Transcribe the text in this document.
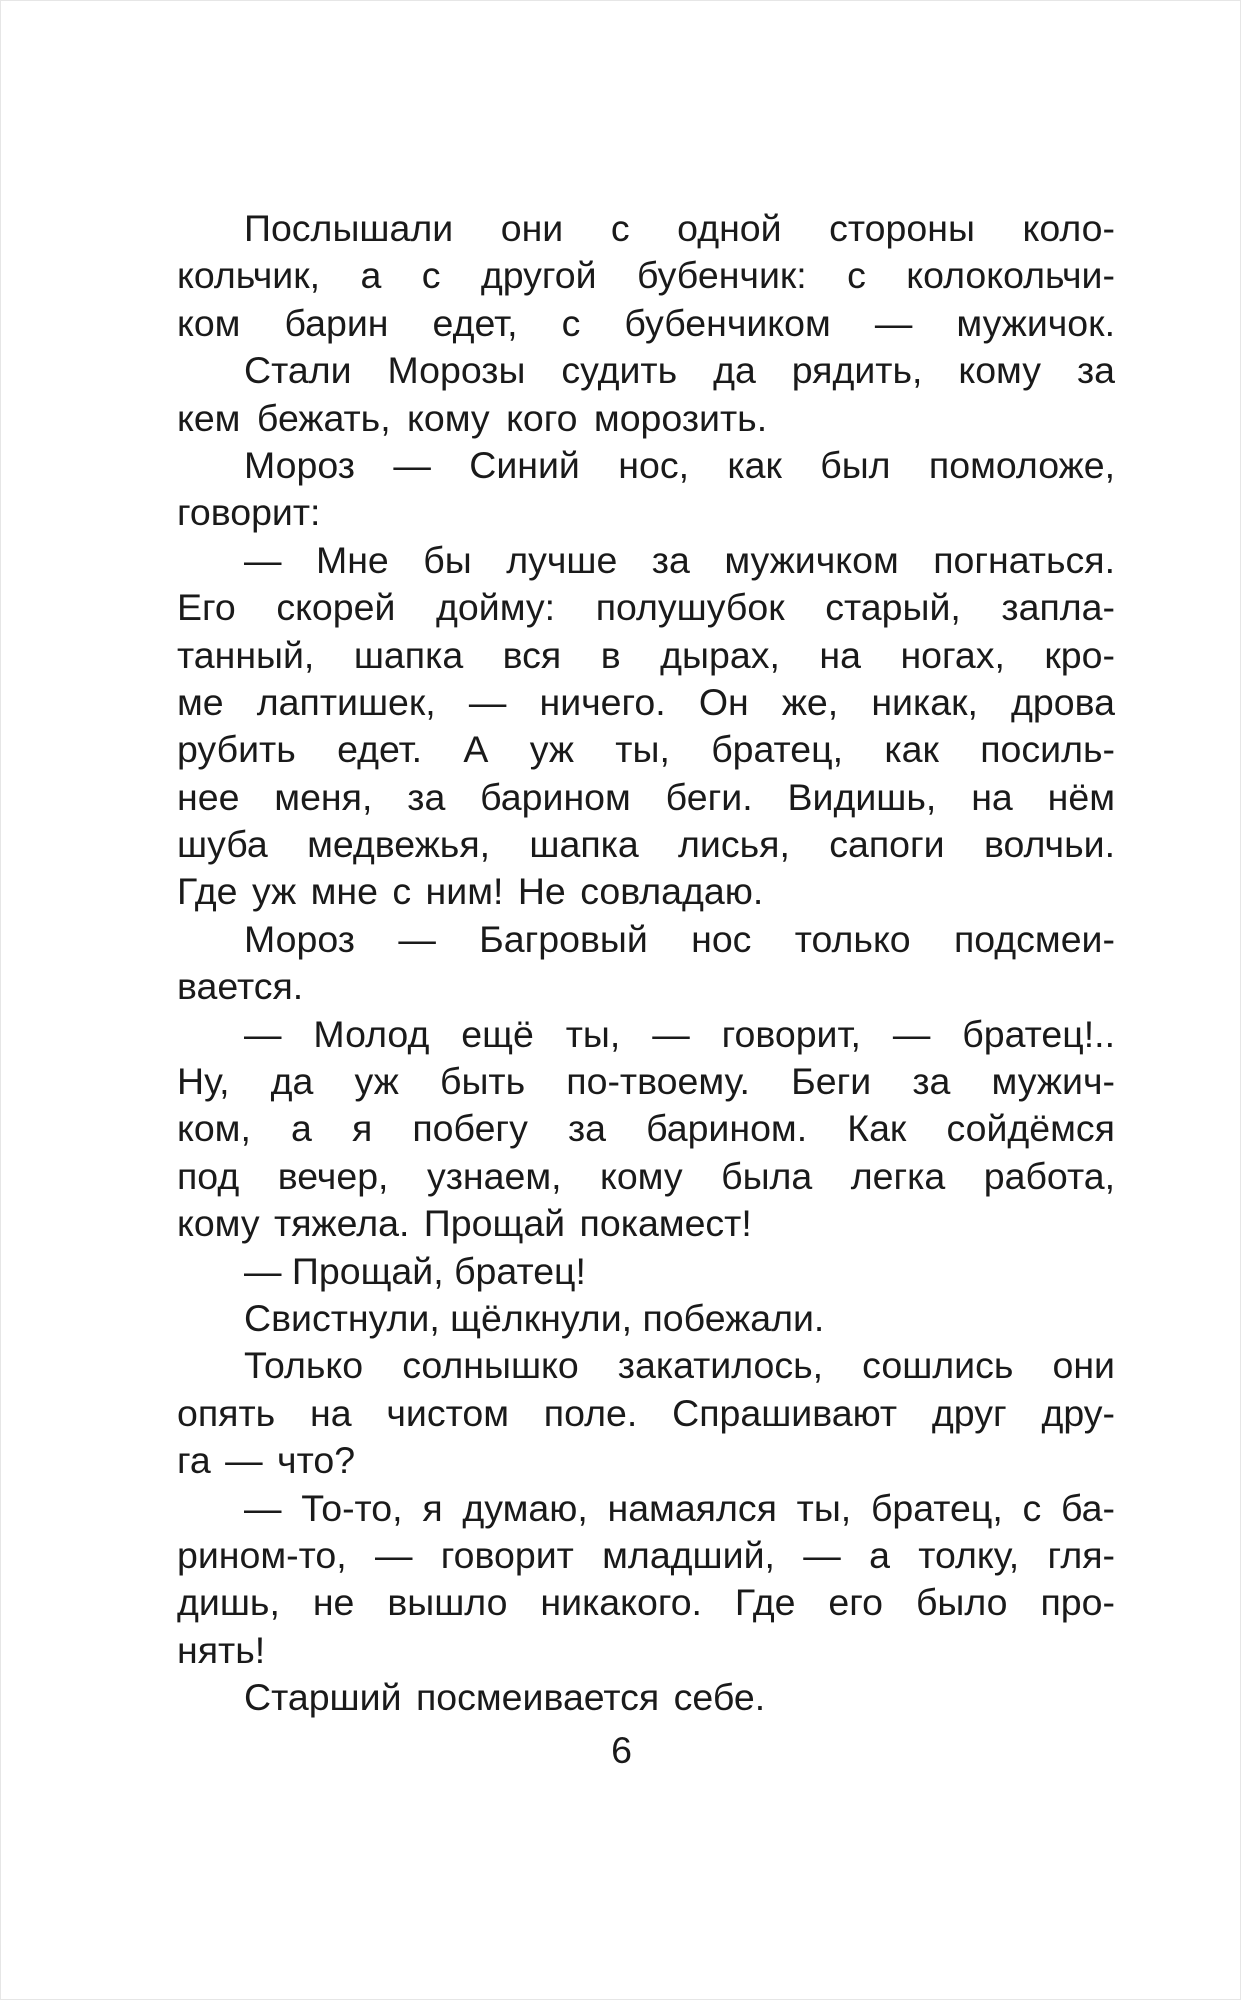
Послышали они с одной стороны коло-
кольчик, а с другой бубенчик: с колокольчи-
ком барин едет, с бубенчиком — мужичок.
Стали Морозы судить да рядить, кому за
кем бежать, кому кого морозить.
Мороз — Синий нос, как был помоложе,
говорит:
— Мне бы лучше за мужичком погнаться.
Его скорей дойму: полушубок старый, запла-
танный, шапка вся в дырах, на ногах, кро-
ме лаптишек, — ничего. Он же, никак, дрова
рубить едет. А уж ты, братец, как посиль-
нее меня, за барином беги. Видишь, на нём
шуба медвежья, шапка лисья, сапоги волчьи.
Где уж мне с ним! Не совладаю.
Мороз — Багровый нос только подсмеи-
вается.
— Молод ещё ты, — говорит, — братец!..
Ну, да уж быть по-твоему. Беги за мужич-
ком, а я побегу за барином. Как сойдёмся
под вечер, узнаем, кому была легка работа,
кому тяжела. Прощай покамест!
— Прощай, братец!
Свистнули, щёлкнули, побежали.
Только солнышко закатилось, сошлись они
опять на чистом поле. Спрашивают друг дру-
га — что?
— То-то, я думаю, намаялся ты, братец, с ба-
рином-то, — говорит младший, — а толку, гля-
дишь, не вышло никакого. Где его было про-
нять!
Старший посмеивается себе.
6
